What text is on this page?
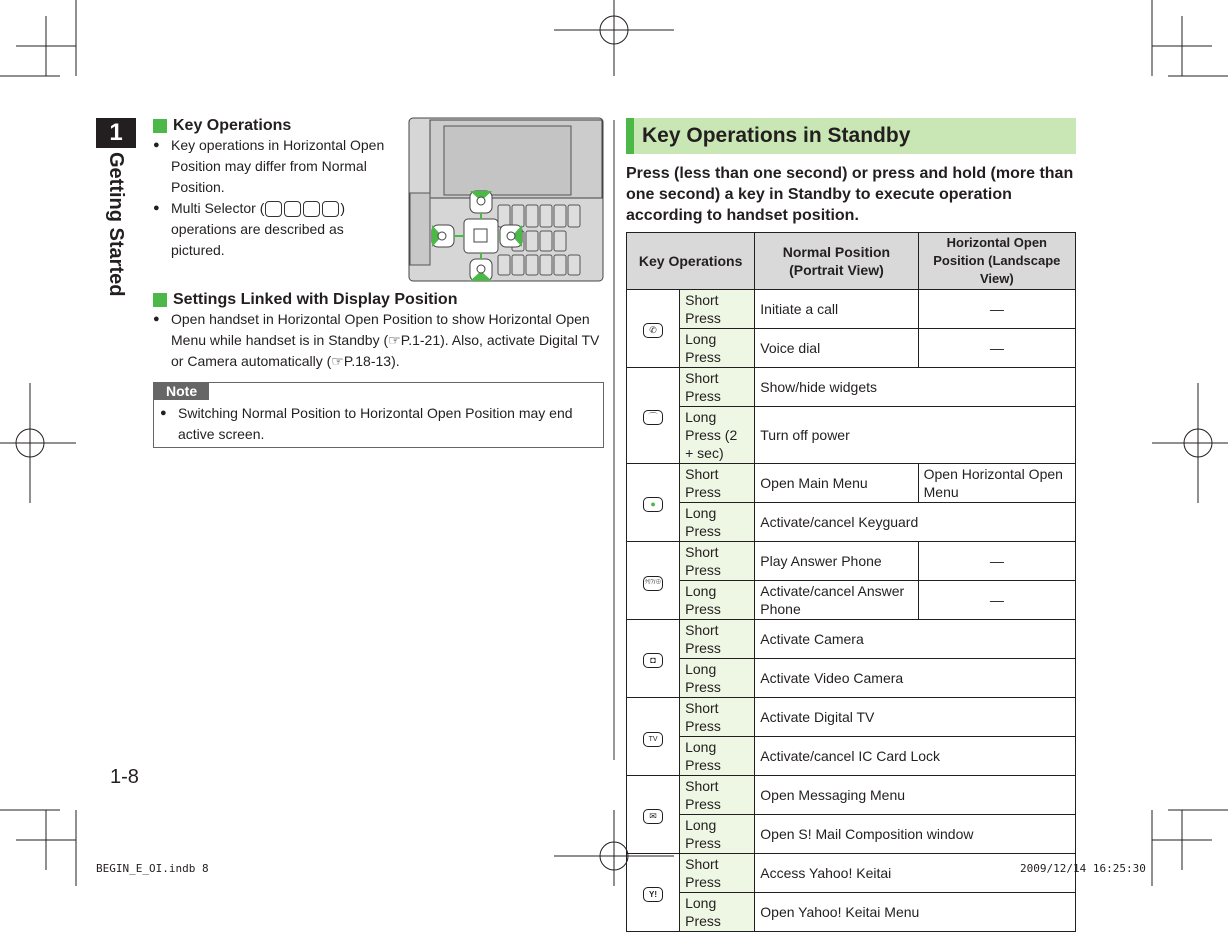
1
Getting Started
Key Operations
● Key operations in Horizontal Open Position may differ from Normal Position.
● Multi Selector (	) operations are described as pictured.
Settings Linked with Display Position
● Open handset in Horizontal Open Position to show Horizontal Open Menu while handset is in Standby (☞P.1-21). Also, activate Digital TV or Camera automatically (☞P.18-13).
Note
● Switching Normal Position to Horizontal Open Position may end active screen.
Key Operations in Standby
Press (less than one second) or press and hold (more than one second) a key in Standby to execute operation according to handset position.
Key Operations		Normal Position (Portrait View)	Horizontal Open Position (Landscape View)
✆	Short Press	Initiate a call	—
	Long Press	Voice dial	—
⌒	Short Press	Show/hide widgets	
	Long Press (2 + sec)	Turn off power	
●	Short Press	Open Main Menu	Open Horizontal Open Menu
	Long Press	Activate/cancel Keyguard	
ｸﾘｱ/⊕	Short Press	Play Answer Phone	—
	Long Press	Activate/cancel Answer Phone	—
◘	Short Press	Activate Camera	
	Long Press	Activate Video Camera	
TV	Short Press	Activate Digital TV	
	Long Press	Activate/cancel IC Card Lock	
✉	Short Press	Open Messaging Menu	
	Long Press	Open S! Mail Composition window	
Y!	Short Press	Access Yahoo! Keitai	
	Long Press	Open Yahoo! Keitai Menu	
1-8
BEGIN_E_OI.indb 8	2009/12/14 16:25:30
